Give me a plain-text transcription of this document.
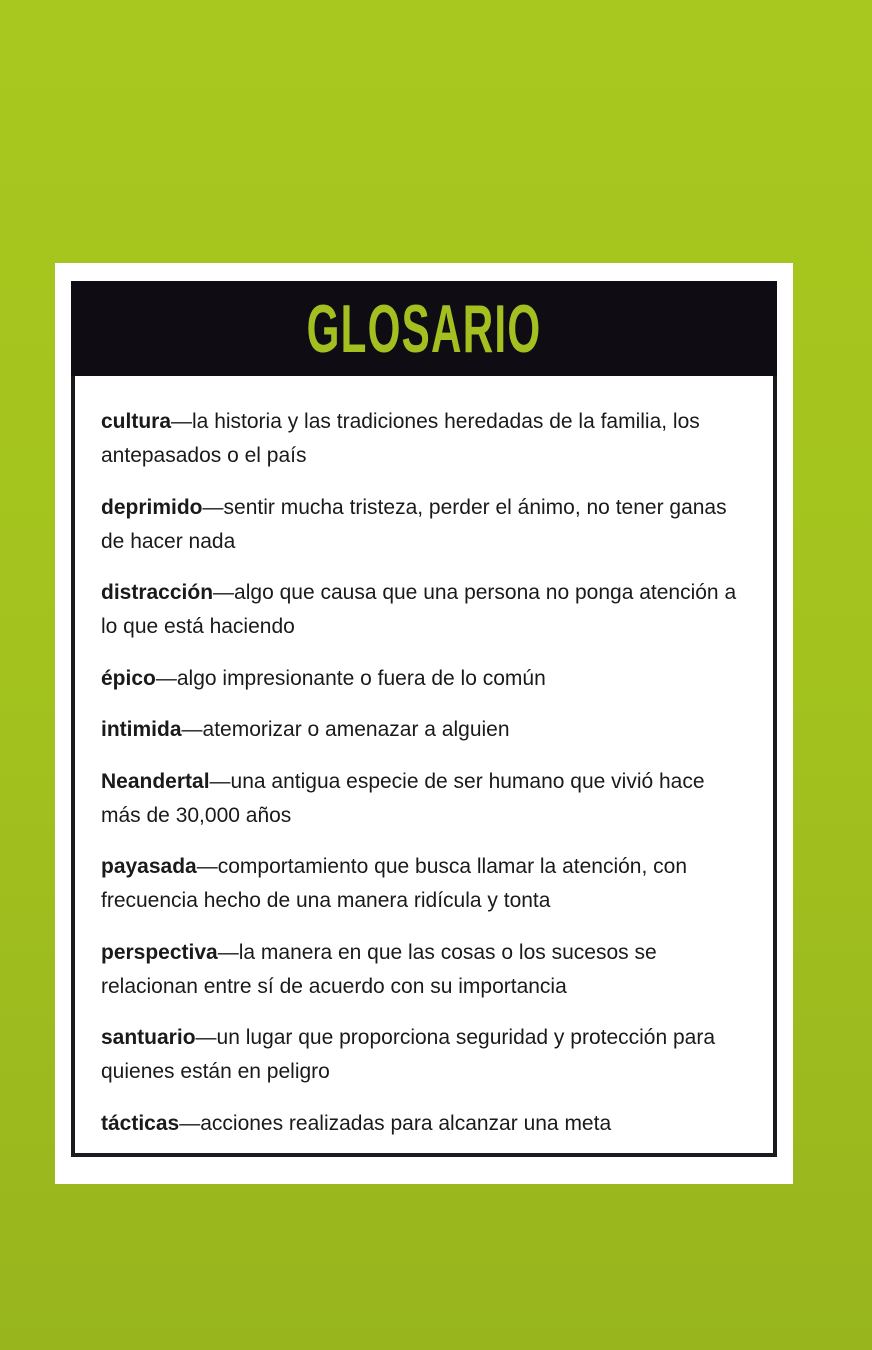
GLOSARIO
cultura—la historia y las tradiciones heredadas de la familia, los antepasados o el país
deprimido—sentir mucha tristeza, perder el ánimo, no tener ganas de hacer nada
distracción—algo que causa que una persona no ponga atención a lo que está haciendo
épico—algo impresionante o fuera de lo común
intimida—atemorizar o amenazar a alguien
Neandertal—una antigua especie de ser humano que vivió hace más de 30,000 años
payasada—comportamiento que busca llamar la atención, con frecuencia hecho de una manera ridícula y tonta
perspectiva—la manera en que las cosas o los sucesos se relacionan entre sí de acuerdo con su importancia
santuario—un lugar que proporciona seguridad y protección para quienes están en peligro
tácticas—acciones realizadas para alcanzar una meta
